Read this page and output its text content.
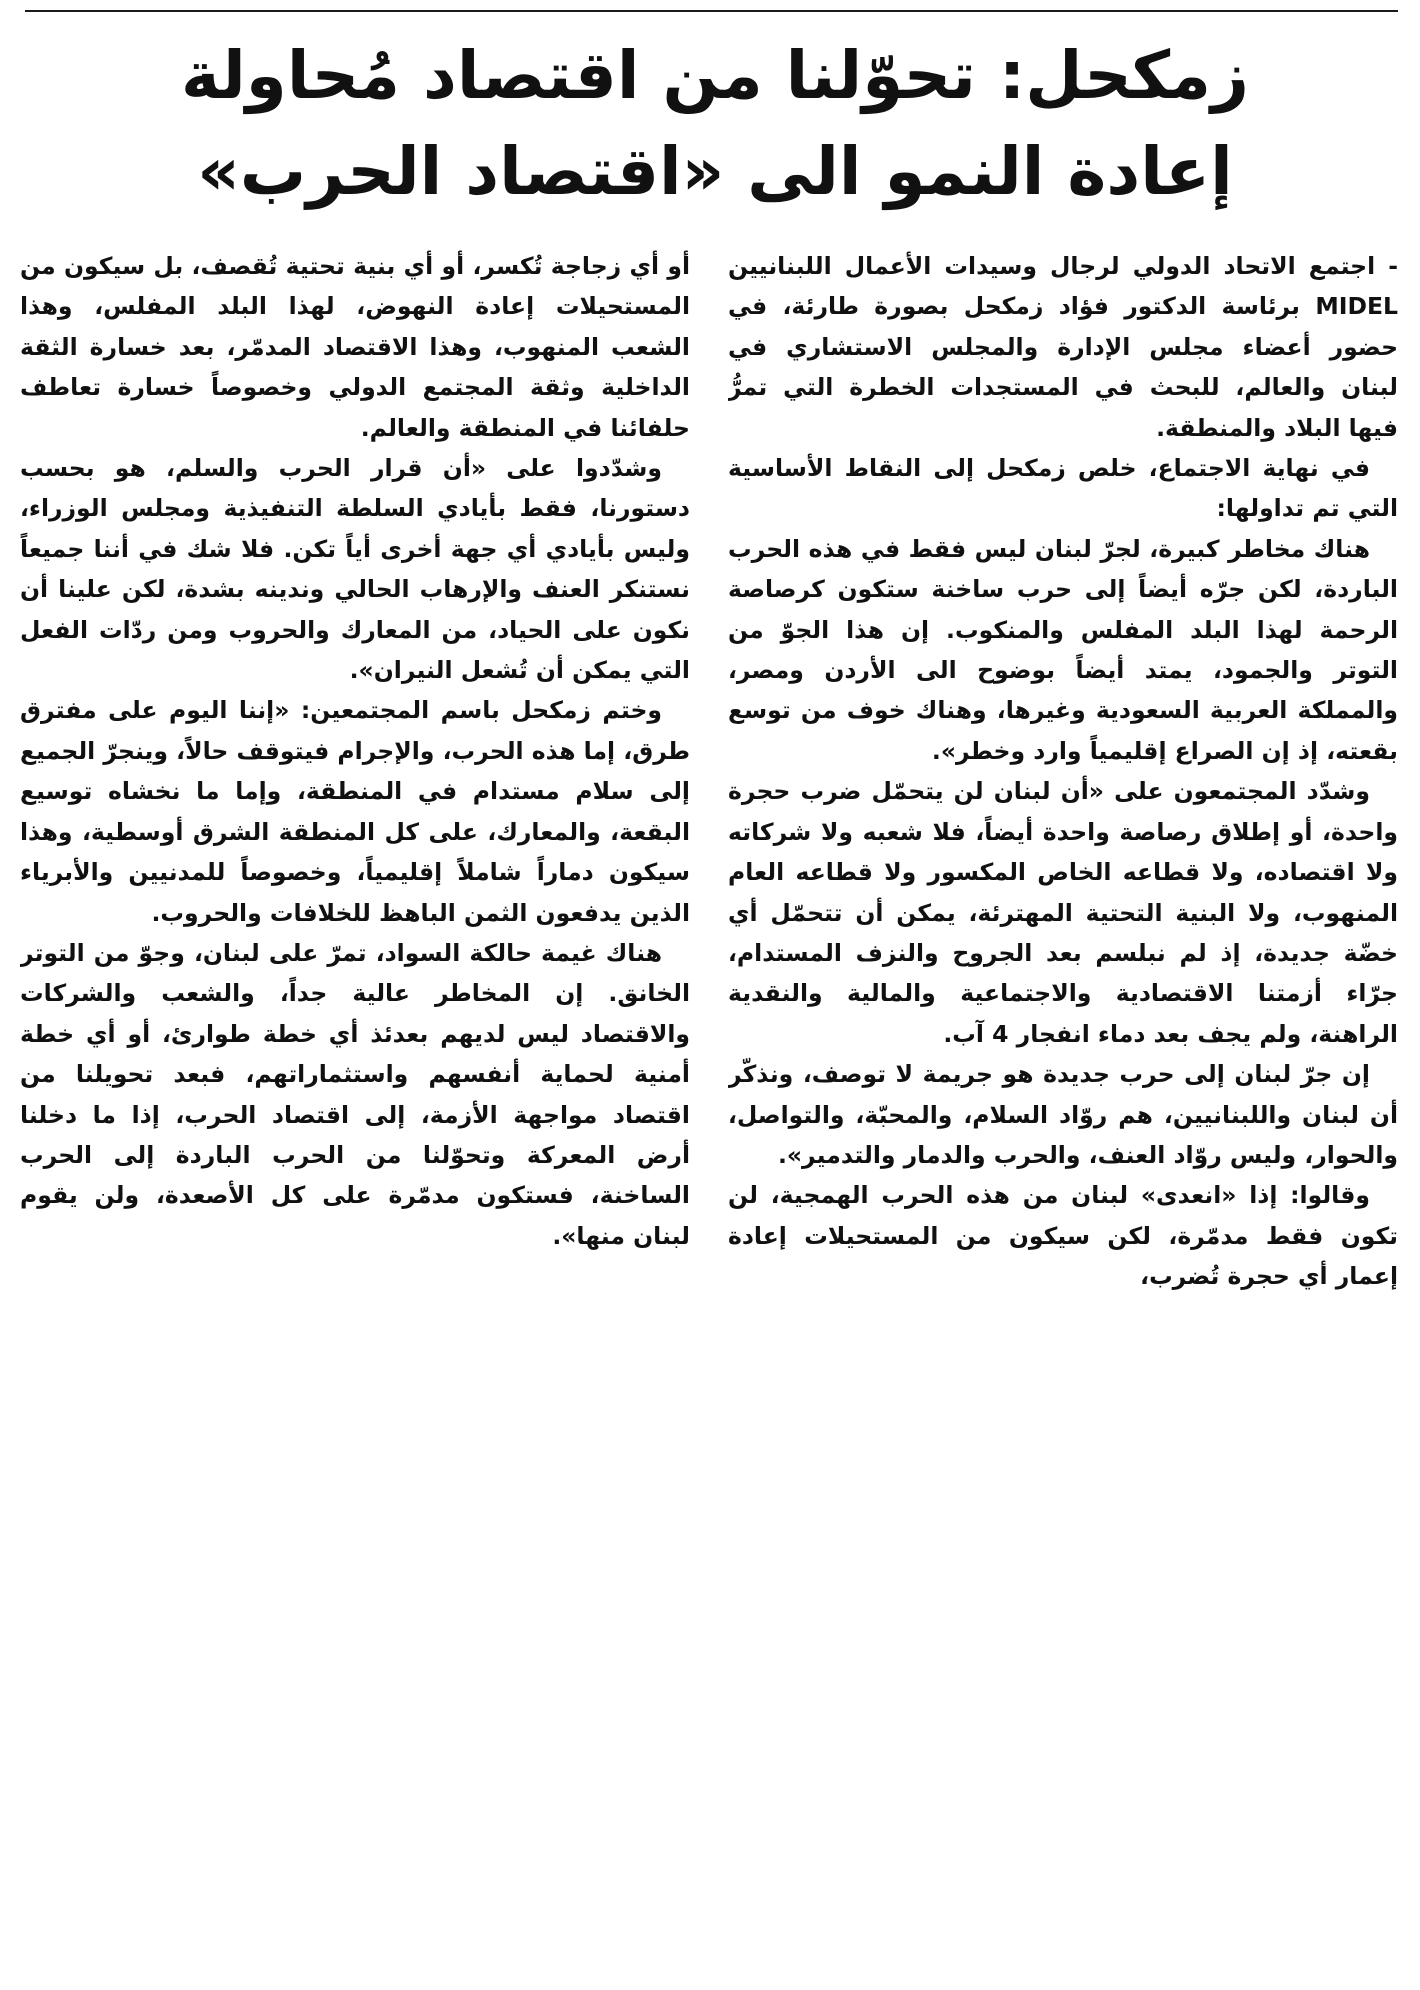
زمكحل: تحوّلنا من اقتصاد مُحاولة
إعادة النمو الى «اقتصاد الحرب»

- اجتمع الاتحاد الدولي لرجال وسيدات الأعمال اللبنانيين MIDEL برئاسة الدكتور فؤاد زمكحل بصورة طارئة، في حضور أعضاء مجلس الإدارة والمجلس الاستشاري في لبنان والعالم، للبحث في المستجدات الخطرة التي تمرُّ فيها البلاد والمنطقة.

في نهاية الاجتماع، خلص زمكحل إلى النقاط الأساسية التي تم تداولها:

هناك مخاطر كبيرة، لجرّ لبنان ليس فقط في هذه الحرب الباردة، لكن جرّه أيضاً إلى حرب ساخنة ستكون كرصاصة الرحمة لهذا البلد المفلس والمنكوب. إن هذا الجوّ من التوتر والجمود، يمتد أيضاً بوضوح الى الأردن ومصر، والمملكة العربية السعودية وغيرها، وهناك خوف من توسع بقعته، إذ إن الصراع إقليمياً وارد وخطر».

وشدّد المجتمعون على «أن لبنان لن يتحمّل ضرب حجرة واحدة، أو إطلاق رصاصة واحدة أيضاً، فلا شعبه ولا شركاته ولا اقتصاده، ولا قطاعه الخاص المكسور ولا قطاعه العام المنهوب، ولا البنية التحتية المهترئة، يمكن أن تتحمّل أي خضّة جديدة، إذ لم نبلسم بعد الجروح والنزف المستدام، جرّاء أزمتنا الاقتصادية والاجتماعية والمالية والنقدية الراهنة، ولم يجف بعد دماء انفجار 4 آب.

إن جرّ لبنان إلى حرب جديدة هو جريمة لا توصف، ونذكّر أن لبنان واللبنانيين، هم روّاد السلام، والمحبّة، والتواصل، والحوار، وليس روّاد العنف، والحرب والدمار والتدمير».

وقالوا: إذا «انعدى» لبنان من هذه الحرب الهمجية، لن تكون فقط مدمّرة، لكن سيكون من المستحيلات إعادة إعمار أي حجرة تُضرب،

أو أي زجاجة تُكسر، أو أي بنية تحتية تُقصف، بل سيكون من المستحيلات إعادة النهوض، لهذا البلد المفلس، وهذا الشعب المنهوب، وهذا الاقتصاد المدمّر، بعد خسارة الثقة الداخلية وثقة المجتمع الدولي وخصوصاً خسارة تعاطف حلفائنا في المنطقة والعالم.

وشدّدوا على «أن قرار الحرب والسلم، هو بحسب دستورنا، فقط بأيادي السلطة التنفيذية ومجلس الوزراء، وليس بأيادي أي جهة أخرى أياً تكن. فلا شك في أننا جميعاً نستنكر العنف والإرهاب الحالي وندينه بشدة، لكن علينا أن نكون على الحياد، من المعارك والحروب ومن ردّات الفعل التي يمكن أن تُشعل النيران».

وختم زمكحل باسم المجتمعين: «إننا اليوم على مفترق طرق، إما هذه الحرب، والإجرام فيتوقف حالاً، وينجرّ الجميع إلى سلام مستدام في المنطقة، وإما ما نخشاه توسيع البقعة، والمعارك، على كل المنطقة الشرق أوسطية، وهذا سيكون دماراً شاملاً إقليمياً، وخصوصاً للمدنيين والأبرياء الذين يدفعون الثمن الباهظ للخلافات والحروب.

هناك غيمة حالكة السواد، تمرّ على لبنان، وجوّ من التوتر الخانق. إن المخاطر عالية جداً، والشعب والشركات والاقتصاد ليس لديهم بعدئذ أي خطة طوارئ، أو أي خطة أمنية لحماية أنفسهم واستثماراتهم، فبعد تحويلنا من اقتصاد مواجهة الأزمة، إلى اقتصاد الحرب، إذا ما دخلنا أرض المعركة وتحوّلنا من الحرب الباردة إلى الحرب الساخنة، فستكون مدمّرة على كل الأصعدة، ولن يقوم لبنان منها».
